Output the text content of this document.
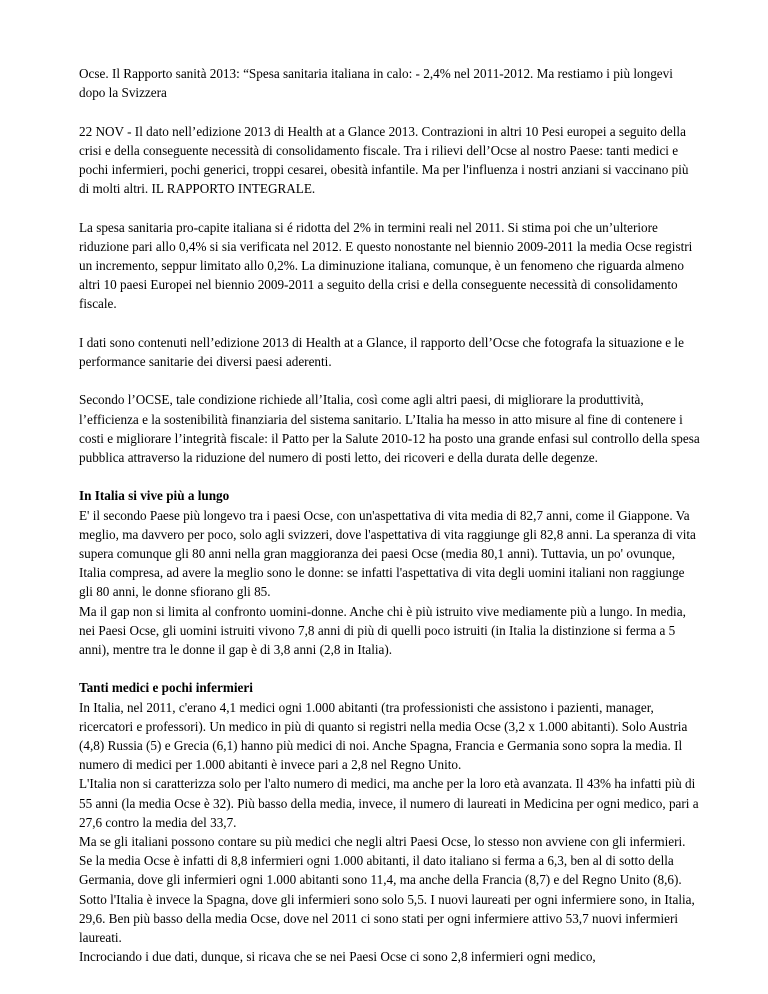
Ocse. Il Rapporto sanità 2013: “Spesa sanitaria italiana in calo: - 2,4% nel 2011-2012. Ma restiamo i più longevi dopo la Svizzera

22 NOV - Il dato nell’edizione 2013 di Health at a Glance 2013. Contrazioni in altri 10 Pesi europei a seguito della crisi e della conseguente necessità di consolidamento fiscale. Tra i rilievi dell’Ocse al nostro Paese: tanti medici e pochi infermieri, pochi generici, troppi cesarei, obesità infantile. Ma per l'influenza i nostri anziani si vaccinano più di molti altri. IL RAPPORTO INTEGRALE.

La spesa sanitaria pro-capite italiana si é ridotta del 2% in termini reali nel 2011. Si stima poi che un’ulteriore riduzione pari allo 0,4% si sia verificata nel 2012. E questo nonostante nel biennio 2009-2011 la media Ocse registri un incremento, seppur limitato allo 0,2%. La diminuzione italiana, comunque, è un fenomeno che riguarda almeno altri 10 paesi Europei nel biennio 2009-2011 a seguito della crisi e della conseguente necessità di consolidamento fiscale.

I dati sono contenuti nell’edizione 2013 di Health at a Glance, il rapporto dell’Ocse che fotografa la situazione e le performance sanitarie dei diversi paesi aderenti.

Secondo l’OCSE, tale condizione richiede all’Italia, così come agli altri paesi, di migliorare la produttività, l’efficienza e la sostenibilità finanziaria del sistema sanitario. L’Italia ha messo in atto misure al fine di contenere i costi e migliorare l’integrità fiscale: il Patto per la Salute 2010-12 ha posto una grande enfasi sul controllo della spesa pubblica attraverso la riduzione del numero di posti letto, dei ricoveri e della durata delle degenze.

In Italia si vive più a lungo

E' il secondo Paese più longevo tra i paesi Ocse, con un'aspettativa di vita media di 82,7 anni, come il Giappone. Va meglio, ma davvero per poco, solo agli svizzeri, dove l'aspettativa di vita raggiunge gli 82,8 anni. La speranza di vita supera comunque gli 80 anni nella gran maggioranza dei paesi Ocse (media 80,1 anni). Tuttavia, un po' ovunque, Italia compresa, ad avere la meglio sono le donne: se infatti l'aspettativa di vita degli uomini italiani non raggiunge gli 80 anni, le donne sfiorano gli 85.

Ma il gap non si limita al confronto uomini-donne. Anche chi è più istruito vive mediamente più a lungo. In media, nei Paesi Ocse, gli uomini istruiti vivono 7,8 anni di più di quelli poco istruiti (in Italia la distinzione si ferma a 5 anni), mentre tra le donne il gap è di 3,8 anni (2,8 in Italia).

Tanti medici e pochi infermieri

In Italia, nel 2011, c'erano 4,1 medici ogni 1.000 abitanti (tra professionisti che assistono i pazienti, manager, ricercatori e professori). Un medico in più di quanto si registri nella media Ocse (3,2 x 1.000 abitanti). Solo Austria (4,8) Russia (5) e Grecia (6,1) hanno più medici di noi. Anche Spagna, Francia e Germania sono sopra la media. Il numero di medici per 1.000 abitanti è invece pari a 2,8 nel Regno Unito.

L'Italia non si caratterizza solo per l'alto numero di medici, ma anche per la loro età avanzata. Il 43% ha infatti più di 55 anni (la media Ocse è 32). Più basso della media, invece, il numero di laureati in Medicina per ogni medico, pari a 27,6 contro la media del 33,7.

Ma se gli italiani possono contare su più medici che negli altri Paesi Ocse, lo stesso non avviene con gli infermieri. Se la media Ocse è infatti di 8,8 infermieri ogni 1.000 abitanti, il dato italiano si ferma a 6,3, ben al di sotto della Germania, dove gli infermieri ogni 1.000 abitanti sono 11,4, ma anche della Francia (8,7) e del Regno Unito (8,6). Sotto l'Italia è invece la Spagna, dove gli infermieri sono solo 5,5. I nuovi laureati per ogni infermiere sono, in Italia, 29,6. Ben più basso della media Ocse, dove nel 2011 ci sono stati per ogni infermiere attivo 53,7 nuovi infermieri laureati.

Incrociando i due dati, dunque, si ricava che se nei Paesi Ocse ci sono 2,8 infermieri ogni medico,
